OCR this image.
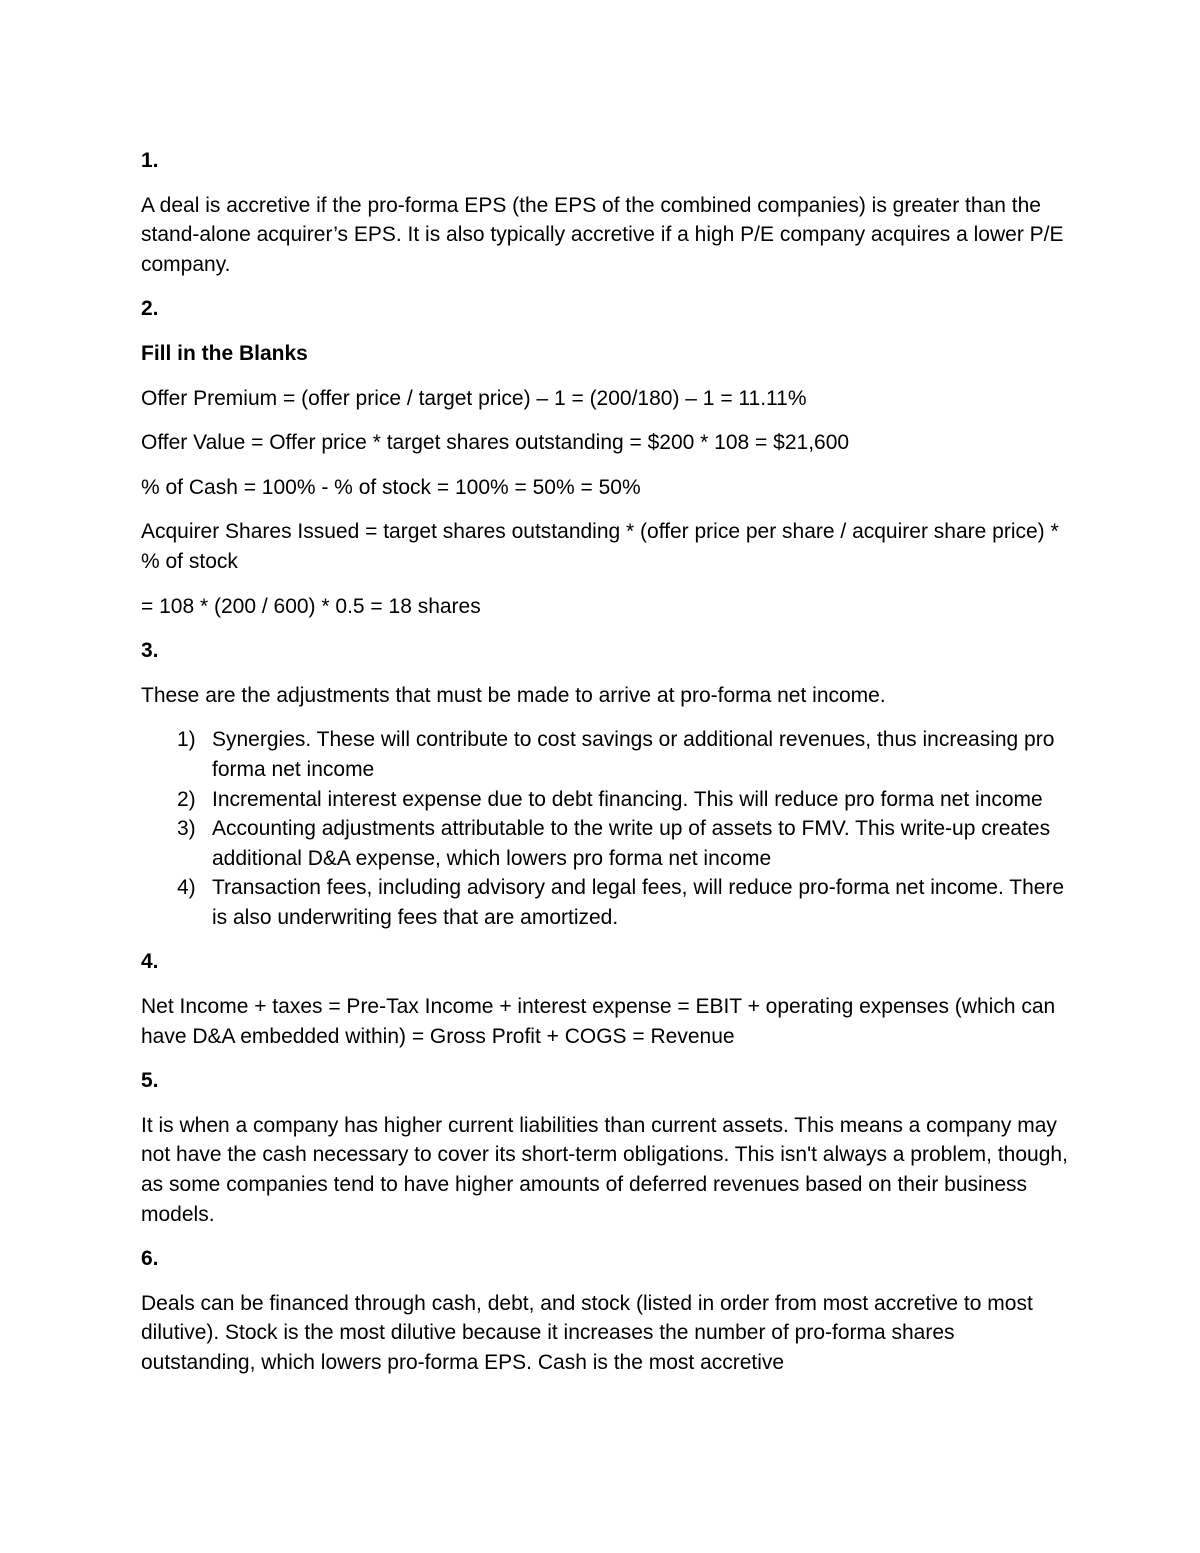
1.

A deal is accretive if the pro-forma EPS (the EPS of the combined companies) is greater than the stand-alone acquirer’s EPS. It is also typically accretive if a high P/E company acquires a lower P/E company.

2.

Fill in the Blanks

Offer Premium = (offer price / target price) – 1 = (200/180) – 1 = 11.11%

Offer Value = Offer price * target shares outstanding = $200 * 108 = $21,600

% of Cash = 100% - % of stock = 100% = 50% = 50%

Acquirer Shares Issued = target shares outstanding * (offer price per share / acquirer share price) * % of stock

= 108 * (200 / 600) * 0.5 = 18 shares

3.

These are the adjustments that must be made to arrive at pro-forma net income.

1) Synergies. These will contribute to cost savings or additional revenues, thus increasing pro forma net income
2) Incremental interest expense due to debt financing. This will reduce pro forma net income
3) Accounting adjustments attributable to the write up of assets to FMV. This write-up creates additional D&A expense, which lowers pro forma net income
4) Transaction fees, including advisory and legal fees, will reduce pro-forma net income. There is also underwriting fees that are amortized.

4.

Net Income + taxes = Pre-Tax Income + interest expense = EBIT + operating expenses (which can have D&A embedded within) = Gross Profit + COGS = Revenue

5.

It is when a company has higher current liabilities than current assets. This means a company may not have the cash necessary to cover its short-term obligations. This isn't always a problem, though, as some companies tend to have higher amounts of deferred revenues based on their business models.

6.

Deals can be financed through cash, debt, and stock (listed in order from most accretive to most dilutive). Stock is the most dilutive because it increases the number of pro-forma shares outstanding, which lowers pro-forma EPS. Cash is the most accretive
